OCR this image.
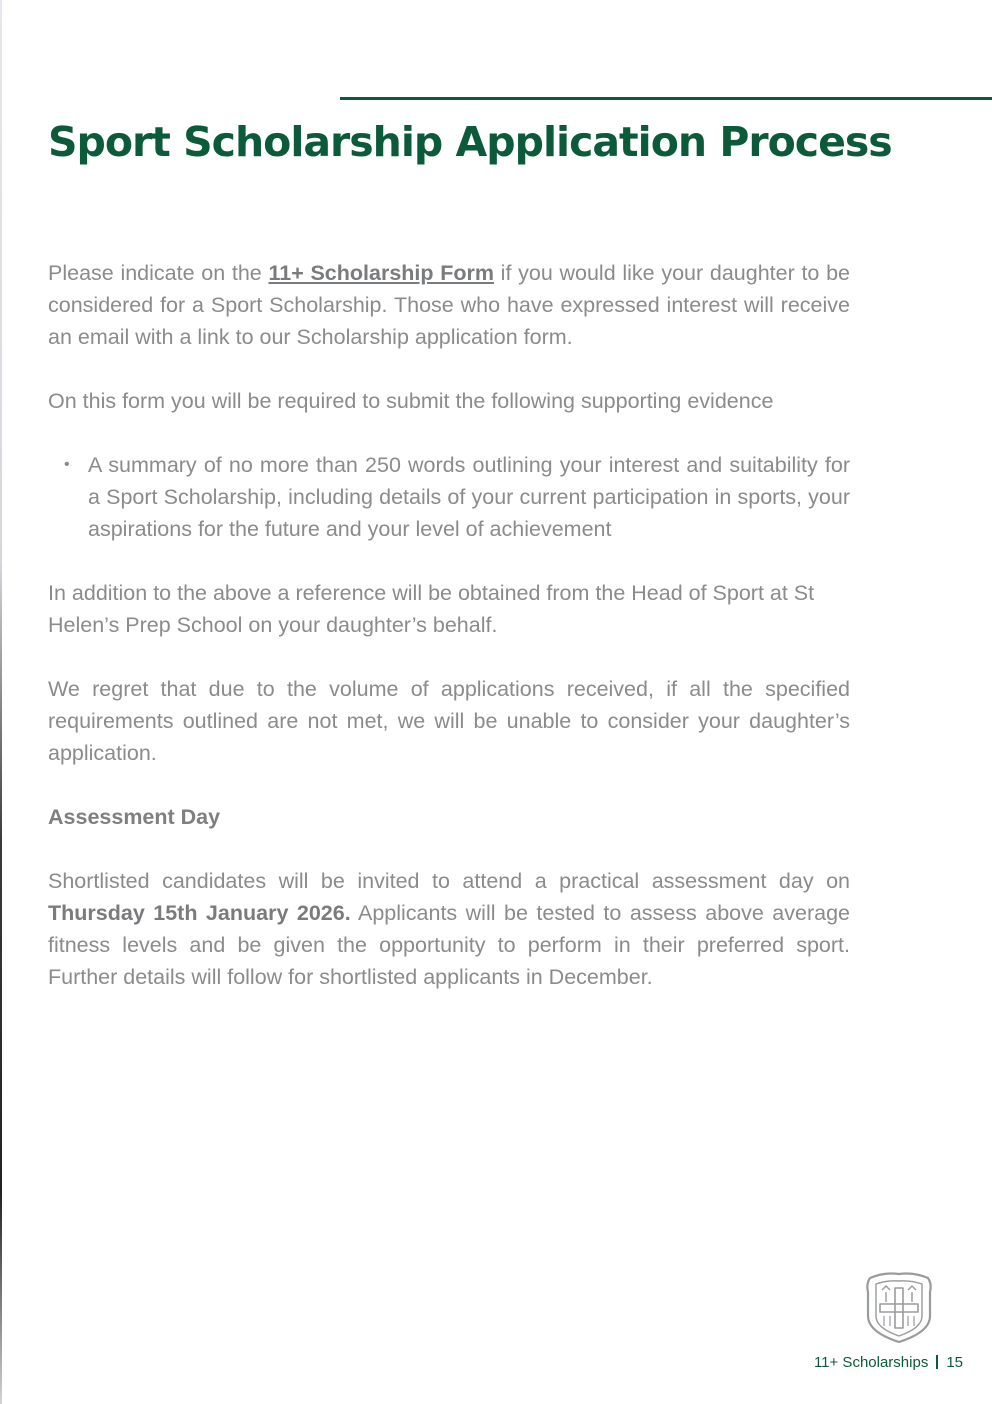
Sport Scholarship Application Process

Please indicate on the 11+ Scholarship Form if you would like your daughter to be considered for a Sport Scholarship. Those who have expressed interest will receive an email with a link to our Scholarship application form.

On this form you will be required to submit the following supporting evidence

• A summary of no more than 250 words outlining your interest and suitability for a Sport Scholarship, including details of your current participation in sports, your aspirations for the future and your level of achievement

In addition to the above a reference will be obtained from the Head of Sport at St Helen’s Prep School on your daughter’s behalf.

We regret that due to the volume of applications received, if all the specified requirements outlined are not met, we will be unable to consider your daughter’s application.

Assessment Day

Shortlisted candidates will be invited to attend a practical assessment day on Thursday 15th January 2026. Applicants will be tested to assess above average fitness levels and be given the opportunity to perform in their preferred sport. Further details will follow for shortlisted applicants in December.

11+ Scholarships 15
